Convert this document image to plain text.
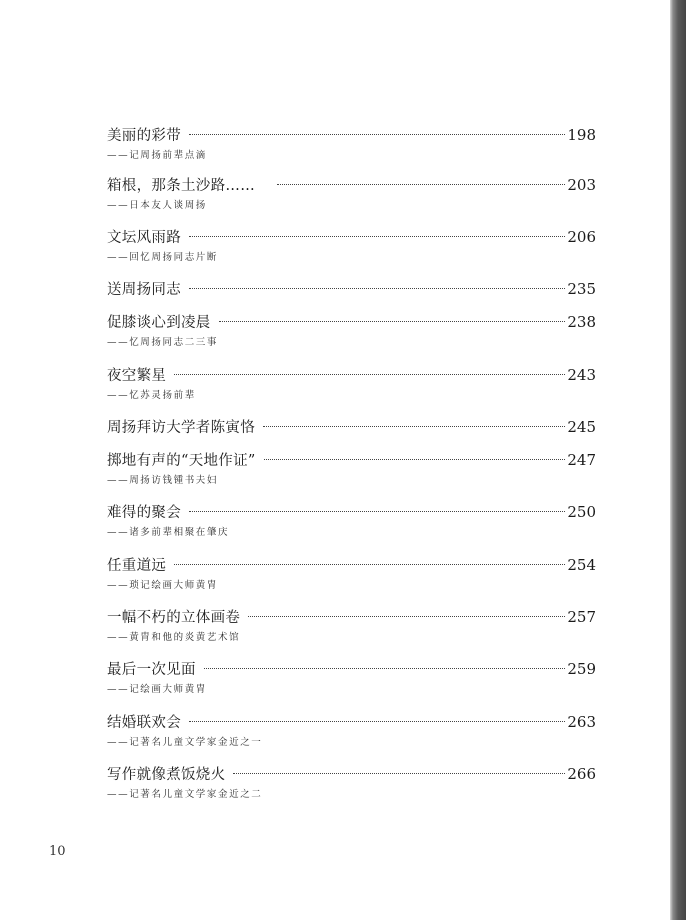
美丽的彩带	198
——记周扬前辈点滴
箱根，那条土沙路……	203
——日本友人谈周扬
文坛风雨路	206
——回忆周扬同志片断
送周扬同志	235
促膝谈心到凌晨	238
——忆周扬同志二三事
夜空繁星	243
——忆苏灵扬前辈
周扬拜访大学者陈寅恪	245
掷地有声的“天地作证”	247
——周扬访钱锺书夫妇
难得的聚会	250
——诸多前辈相聚在肇庆
任重道远	254
——琐记绘画大师黄胄
一幅不朽的立体画卷	257
——黄胄和他的炎黄艺术馆
最后一次见面	259
——记绘画大师黄胄
结婚联欢会	263
——记著名儿童文学家金近之一
写作就像煮饭烧火	266
——记著名儿童文学家金近之二
10
